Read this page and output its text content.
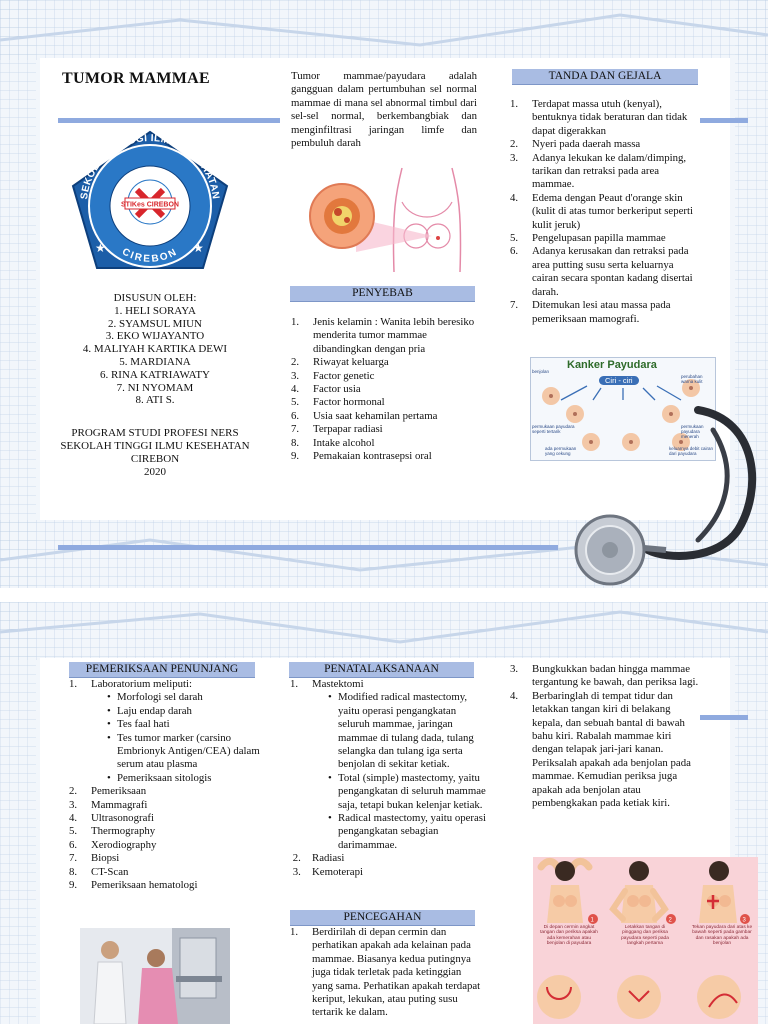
TUMOR MAMMAE
SEKOLAH TINGGI ILMU KESEHATAN
CIREBON
STIKes CIREBON
★	★
DISUSUN OLEH:
1. HELI SORAYA
2. SYAMSUL MIUN
3. EKO WIJAYANTO
4. MALIYAH KARTIKA DEWI
5. MARDIANA
6. RINA KATRIAWATY
7. NI NYOMAM
8. ATI S.
PROGRAM STUDI PROFESI NERS
SEKOLAH TINGGI ILMU KESEHATAN
CIREBON
2020
Tumor mammae/payudara adalah gangguan dalam pertumbuhan sel normal mammae di mana sel abnormal timbul dari sel-sel normal, berkembangbiak dan menginfiltrasi jaringan limfe dan pembuluh darah
PENYEBAB
1. Jenis kelamin : Wanita lebih beresiko menderita tumor mammae dibandingkan dengan pria
2. Riwayat keluarga
3. Factor genetic
4. Factor usia
5. Factor hormonal
6. Usia saat kehamilan pertama
7. Terpapar radiasi
8. Intake alcohol
9. Pemakaian kontrasepsi oral
TANDA DAN GEJALA
1. Terdapat massa utuh (kenyal), bentuknya tidak beraturan dan tidak dapat digerakkan
2. Nyeri pada daerah massa
3. Adanya lekukan ke dalam/dimping, tarikan dan retraksi pada area mammae.
4. Edema dengan Peaut d'orange skin (kulit di atas tumor berkeriput seperti kulit jeruk)
5. Pengelupasan papilla mammae
6. Adanya kerusakan dan retraksi pada area putting susu serta keluarnya cairan secara spontan kadang disertai darah.
7. Ditemukan lesi atau massa pada pemeriksaan mamografi.
Kanker Payudara
Ciri - ciri
benjolan
perubahan warna kulit
permukaan payudara menerah
permukaan payudara seperti tertarik
ada permukaan yang cekung
keluarnya debit cairan dari payudara
PEMERIKSAAN PENUNJANG
1. Laboratorium meliputi:
• Morfologi sel darah
• Laju endap darah
• Tes faal hati
• Tes tumor marker (carsino Embrionyk Antigen/CEA) dalam serum atau plasma
• Pemeriksaan sitologis
2. Pemeriksaan
3. Mammagrafi
4. Ultrasonografi
5. Thermography
6. Xerodiography
7. Biopsi
8. CT-Scan
9. Pemeriksaan hematologi
PENATALAKSANAAN
1. Mastektomi
• Modified radical mastectomy, yaitu operasi pengangkatan seluruh mammae, jaringan mammae di tulang dada, tulang selangka dan tulang iga serta benjolan di sekitar ketiak.
• Total (simple) mastectomy, yaitu pengangkatan di seluruh mammae saja, tetapi bukan kelenjar ketiak.
• Radical mastectomy, yaitu operasi pengangkatan sebagian darimammae.
2. Radiasi
3. Kemoterapi
PENCEGAHAN
1. Berdirilah di depan cermin dan perhatikan apakah ada kelainan pada mammae. Biasanya kedua putingnya juga tidak terletak pada ketinggian yang sama. Perhatikan apakah terdapat keriput, lekukan, atau puting susu tertarik ke dalam.
3. Bungkukkan badan hingga mammae tergantung ke bawah, dan periksa lagi.
4. Berbaringlah di tempat tidur dan letakkan tangan kiri di belakang kepala, dan sebuah bantal di bawah bahu kiri. Rabalah mammae kiri dengan telapak jari-jari kanan. Periksalah apakah ada benjolan pada mammae. Kemudian periksa juga apakah ada benjolan atau pembengkakan pada ketiak kiri.
1	2	3
Di depan cermin angkat tangan dan periksa apakah ada kemerahan atau benjolan di payudara
Letakkan tangan di pinggang dan periksa payudara seperti pada langkah pertama
Tekan payudara dari atas ke bawah seperti pada gambar dan rasakan apakah ada benjolan
